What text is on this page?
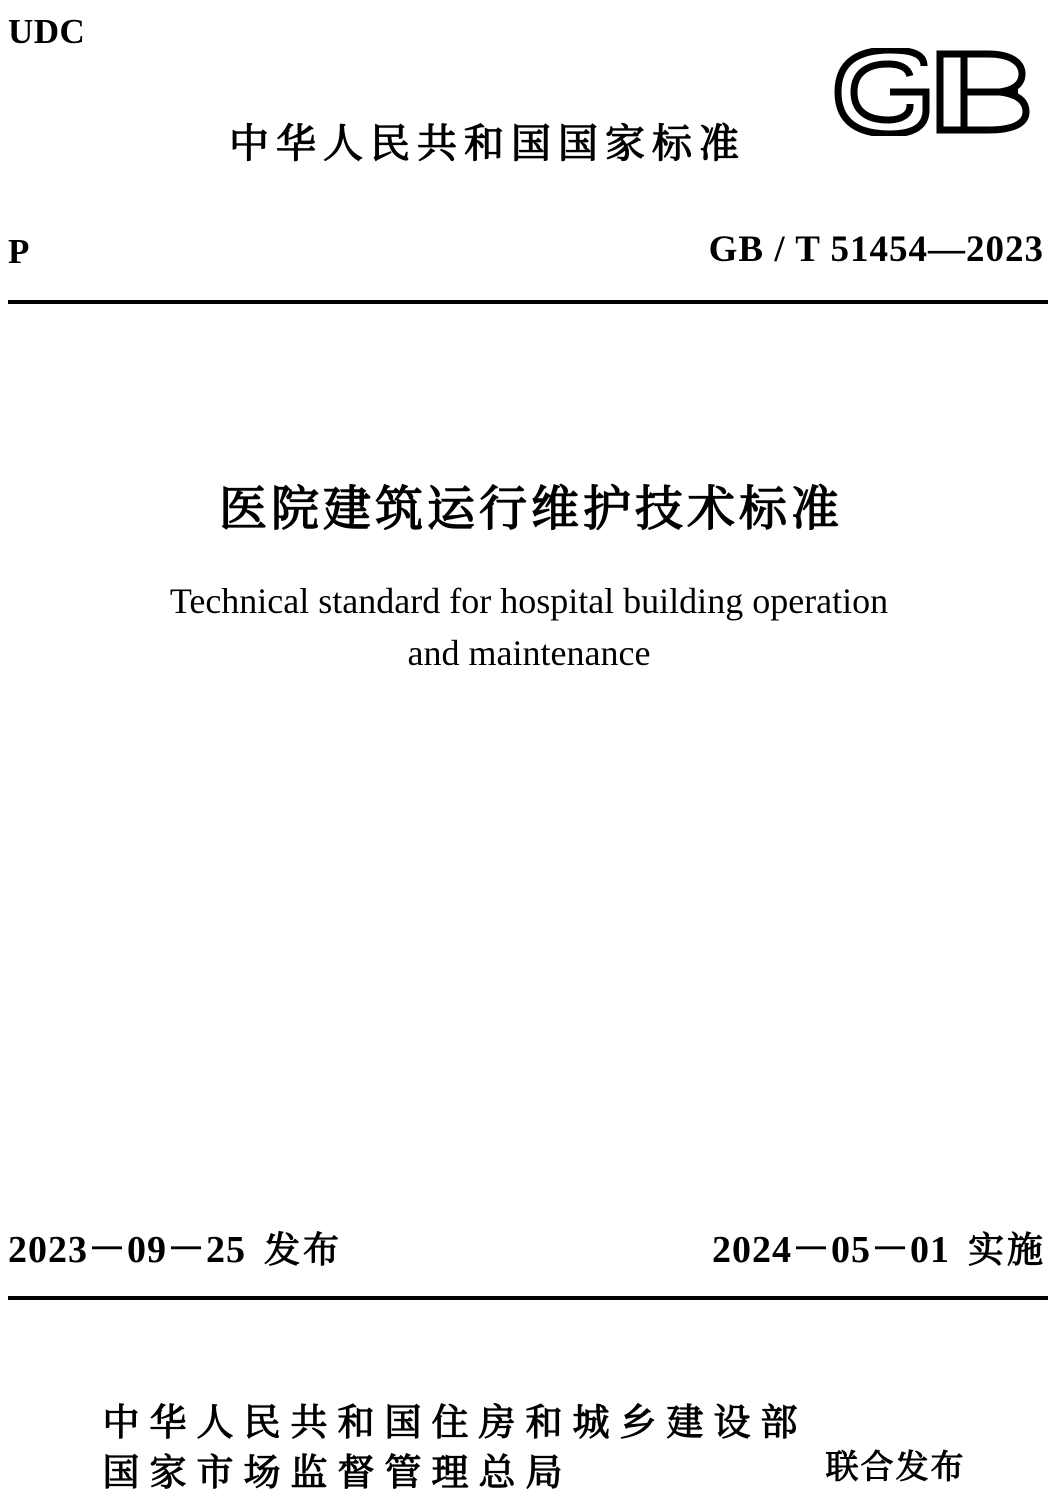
UDC
中华人民共和国国家标准
P	GB / T 51454—2023
医院建筑运行维护技术标准
Technical standard for hospital building operation
and maintenance
2023－09－25 发布	2024－05－01 实施
中华人民共和国住房和城乡建设部
国家市场监督管理总局	联合发布
